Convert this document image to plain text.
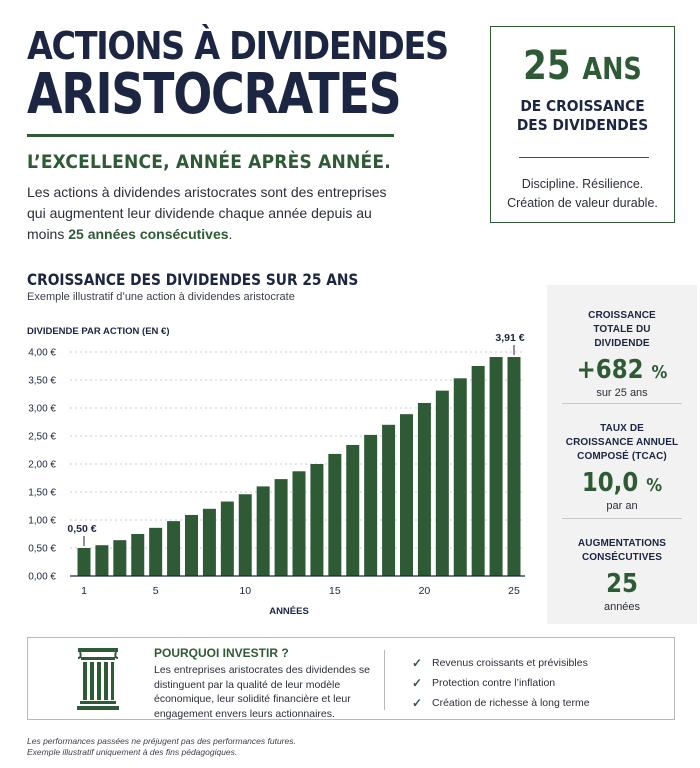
ACTIONS À DIVIDENDES
ARISTOCRATES
L’EXCELLENCE, ANNÉE APRÈS ANNÉE.
Les actions à dividendes aristocrates sont des entreprises qui augmentent leur dividende chaque année depuis au moins 25 années consécutives.
25 ANS
DE CROISSANCE
DES DIVIDENDES
Discipline. Résilience.
Création de valeur durable.
CROISSANCE DES DIVIDENDES SUR 25 ANS
Exemple illustratif d’une action à dividendes aristocrate
DIVIDENDE PAR ACTION (EN €)
0,00 €
0,50 €
1,00 €
1,50 €
2,00 €
2,50 €
3,00 €
3,50 €
4,00 €
1	5	10	15	20	25
ANNÉES
0,50 €
3,91 €
CROISSANCE TOTALE DU DIVIDENDE
+682 %
sur 25 ans
TAUX DE CROISSANCE ANNUEL COMPOSÉ (TCAC)
10,0 %
par an
AUGMENTATIONS CONSÉCUTIVES
25
années
POURQUOI INVESTIR ?
Les entreprises aristocrates des dividendes se distinguent par la qualité de leur modèle économique, leur solidité financière et leur engagement envers leurs actionnaires.
✓ Revenus croissants et prévisibles
✓ Protection contre l’inflation
✓ Création de richesse à long terme
Les performances passées ne préjugent pas des performances futures.
Exemple illustratif uniquement à des fins pédagogiques.
